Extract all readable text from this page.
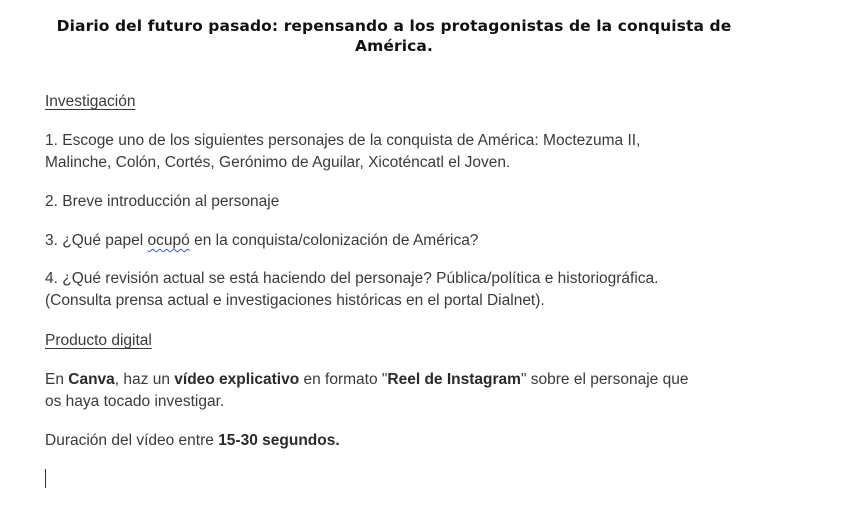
Diario del futuro pasado: repensando a los protagonistas de la conquista de
América.
Investigación
1. Escoge uno de los siguientes personajes de la conquista de América: Moctezuma II,
Malinche, Colón, Cortés, Gerónimo de Aguilar, Xicoténcatl el Joven.
2. Breve introducción al personaje
3. ¿Qué papel ocupó en la conquista/colonización de América?
4. ¿Qué revisión actual se está haciendo del personaje? Pública/política e historiográfica.
(Consulta prensa actual e investigaciones históricas en el portal Dialnet).
Producto digital
En Canva, haz un vídeo explicativo en formato "Reel de Instagram" sobre el personaje que
os haya tocado investigar.
Duración del vídeo entre 15-30 segundos.
